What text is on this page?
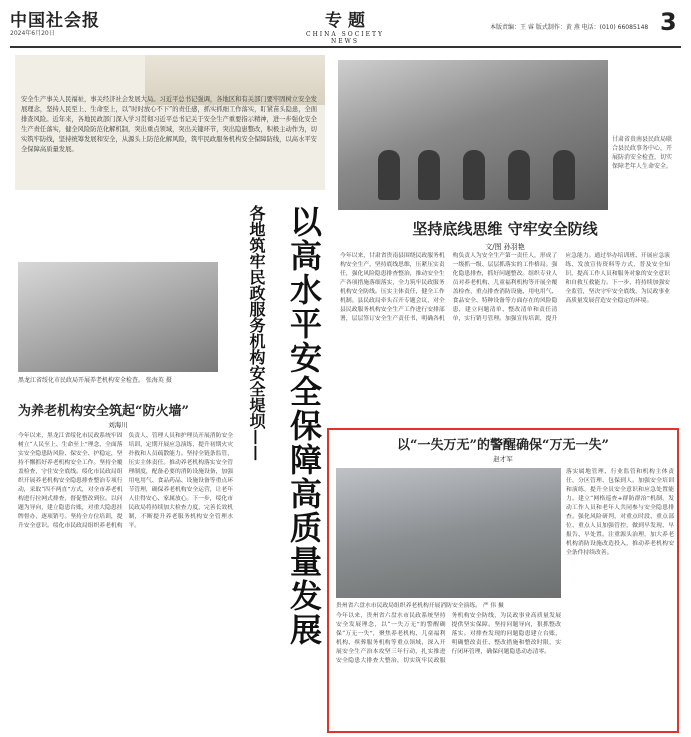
中国社会报
2024年6月20日
专 题
CHINA SOCIETY NEWS
本版责编：王 睿 版式制作：黄 燕 电话：(010) 66085148 3
安全生产事关人民福祉，事关经济社会发展大局。习近平总书记强调，各地区和有关部门要牢固树立安全发展理念，坚持人民至上、生命至上，以“时时放心不下”的责任感，抓实抓细工作落实，盯紧苗头隐患，全面排查风险。近年来，各地民政部门深入学习贯彻习近平总书记关于安全生产重要指示精神，进一步强化安全生产责任落实，健全风险防范化解机制，突出重点领域，突出关键环节，突出隐患整改，积极主动作为，切实筑牢防线，坚持统筹发展和安全，从源头上防范化解风险，筑牢民政服务机构安全保障防线，以高水平安全保障高质量发展。
甘肃省贵南县民政局联合县民政事务中心，开展防消安全检查，切实保障老年人生命安全。
各地筑牢民政服务机构安全堤坝—— 以高水平安全保障高质量发展	坚持底线思维 守牢安全防线
文/图 孙羽艳
今年以来，甘肃省贵南县围绕民政服务机构安全生产，坚持底线思维，压紧压实责任，强化风险隐患排查整治，推动安全生产各项措施落细落实，全力筑牢民政服务机构安全防线。压实主体责任，健全工作机制。县民政局牵头召开专题会议，对全县民政服务机构安全生产工作进行安排部署，层层签订安全生产责任书，明确各机构负责人为安全生产第一责任人，形成了一级抓一级、层层抓落实的工作格局。强化隐患排查，抓好问题整改。组织专业人员对养老机构、儿童福利机构等开展全覆盖检查，重点排查消防设施、用电用气、食品安全、特种设备等方面存在的风险隐患，建立问题清单、整改清单和责任清单，实行销号管理。加强宣传培训，提升应急能力。通过举办培训班、开展应急演练、发放宣传资料等方式，普及安全知识，提高工作人员和服务对象的安全意识和自救互救能力。下一步，将持续加强安全监管，坚决守牢安全底线，为民政事业高质量发展营造安全稳定的环境。
黑龙江省绥化市民政局开展养老机构安全检查。 张海英 摄
为养老机构安全筑起“防火墙”
刘海川
今年以来，黑龙江省绥化市民政系统牢固树立“人民至上、生命至上”理念，全面落实安全隐患防风险、保安全、护稳定，坚持不懈抓好养老机构安全工作。坚持全覆盖检查，守住安全底线。绥化市民政局组织开展养老机构安全隐患排查整治专项行动，采取“四不两直”方式，对全市养老机构进行拉网式排查，督促整改到位。以问题为导向，建立隐患台账，对重大隐患挂牌督办，逐项销号。坚持全方位培训，提升安全意识。绥化市民政局组织养老机构负责人、管理人员和护理员开展消防安全培训，定期开展应急演练，提升初期火灾扑救和人员疏散能力。坚持全链条监管，压实主体责任。推动养老机构落实安全管理制度，配备必要的消防设施设备，加强用电用气、食品药品、设施设备等重点环节管理，确保养老机构安全运营，让老年人住得安心、家属放心。下一步，绥化市民政局将持续加大检查力度，完善长效机制，不断提升养老服务机构安全管理水平。
以“一失万无”的警醒确保“万无一失”
赵才军
贵州省六盘水市民政局组织养老机构开展消防安全演练。 严 伟 摄
落实属地管理、行业监管和机构主体责任，分区管理、包保到人。加强安全培训和演练，提升全员安全意识和应急处置能力。建立“网格巡查+群防群治”机制，发动工作人员和老年人共同参与安全隐患排查。强化风险研判，对重点时段、重点部位、重点人员加强管控，做到早发现、早报告、早处置。注重源头治理，加大养老机构消防设施改造投入，推动养老机构安全条件持续改善。
今年以来，贵州省六盘水市民政系统坚持安全发展理念，以“一失万无”的警醒确保“万无一失”，聚焦养老机构、儿童福利机构、殡葬服务机构等重点领域，深入开展安全生产治本攻坚三年行动，扎实推进安全隐患大排查大整治，切实筑牢民政服务机构安全防线，为民政事业高质量发展提供坚实保障。坚持问题导向，狠抓整改落实。对排查发现的问题隐患建立台账，明确整改责任、整改措施和整改时限，实行闭环管理，确保问题隐患动态清零。
